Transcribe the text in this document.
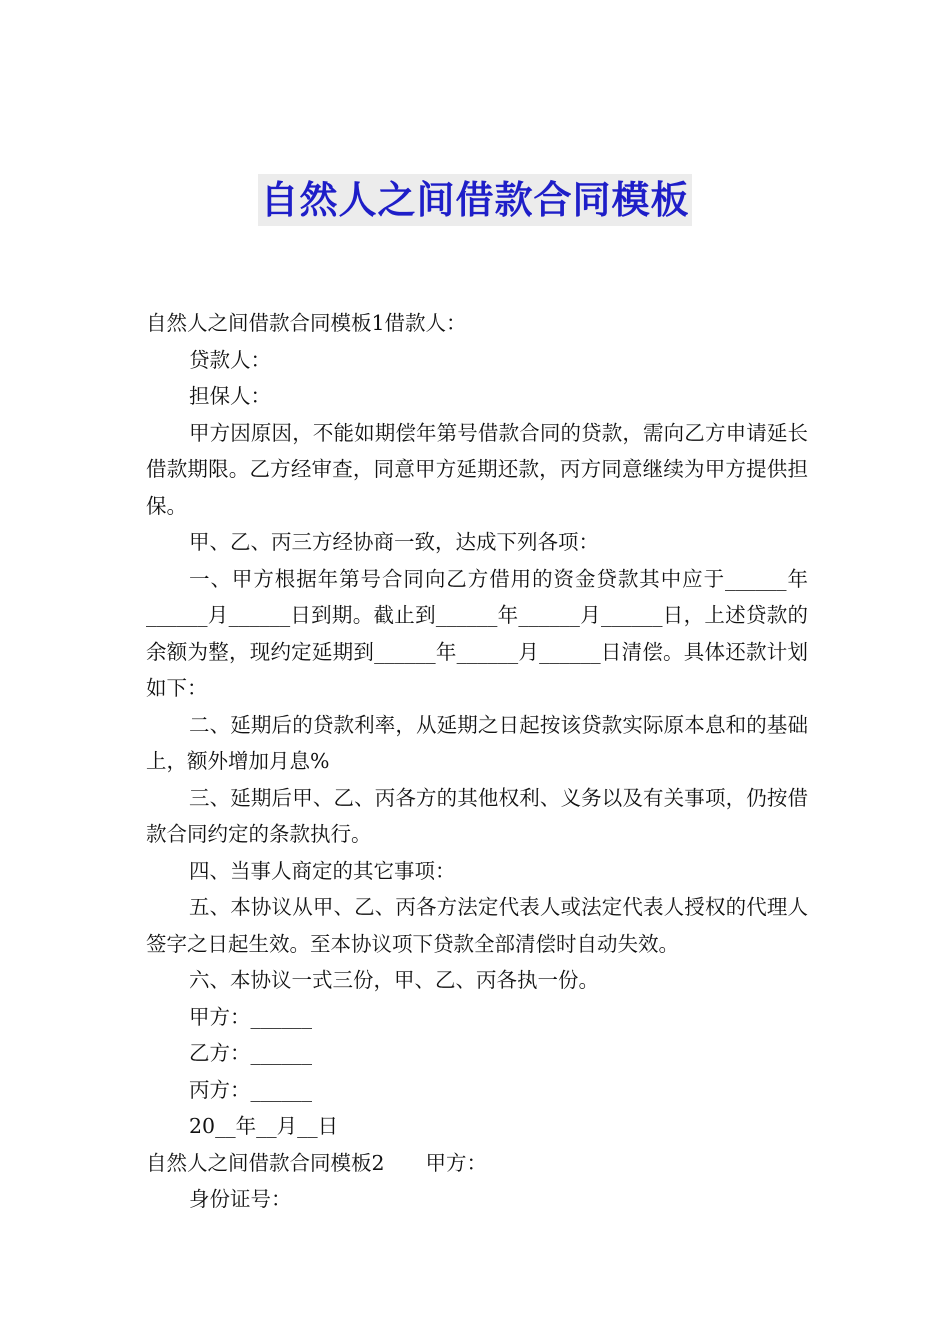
自然人之间借款合同模板

自然人之间借款合同模板1借款人：

贷款人：

担保人：

甲方因原因，不能如期偿年第号借款合同的贷款，需向乙方申请延长借款期限。乙方经审查，同意甲方延期还款，丙方同意继续为甲方提供担保。

甲、乙、丙三方经协商一致，达成下列各项：

一、甲方根据年第号合同向乙方借用的资金贷款其中应于______年______月______日到期。截止到______年______月______日，上述贷款的余额为整，现约定延期到______年______月______日清偿。具体还款计划如下：

二、延期后的贷款利率，从延期之日起按该贷款实际原本息和的基础上，额外增加月息%

三、延期后甲、乙、丙各方的其他权利、义务以及有关事项，仍按借款合同约定的条款执行。

四、当事人商定的其它事项：

五、本协议从甲、乙、丙各方法定代表人或法定代表人授权的代理人签字之日起生效。至本协议项下贷款全部清偿时自动失效。

六、本协议一式三份，甲、乙、丙各执一份。

甲方：______

乙方：______

丙方：______

20__年__月__日

自然人之间借款合同模板2　　甲方：

身份证号：
